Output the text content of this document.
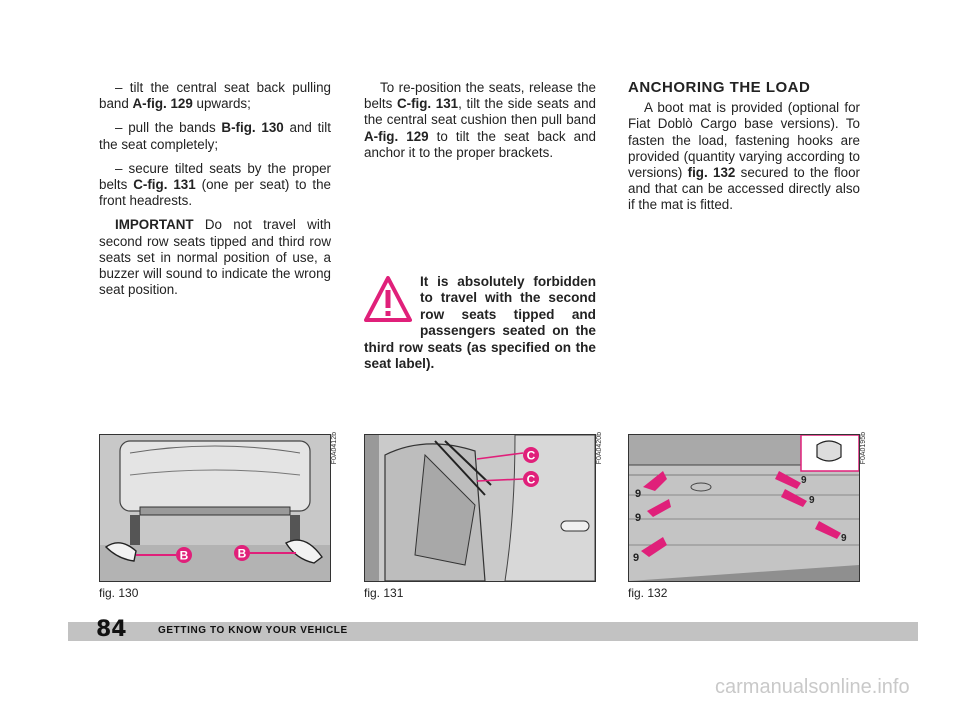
– tilt the central seat back pulling band A-fig. 129 upwards;

– pull the bands B-fig. 130 and tilt the seat completely;

– secure tilted seats by the proper belts C-fig. 131 (one per seat) to the front headrests.

IMPORTANT Do not travel with second row seats tipped and third row seats set in normal position of use, a buzzer will sound to indicate the wrong seat position.

To re-position the seats, release the belts C-fig. 131, tilt the side seats and the central seat cushion then pull band A-fig. 129 to tilt the seat back and anchor it to the proper brackets.

It is absolutely forbidden to travel with the second row seats tipped and passengers seated on the third row seats (as specified on the seat label).

ANCHORING THE LOAD

A boot mat is provided (optional for Fiat Doblò Cargo base versions). To fasten the load, fastening hooks are provided (quantity varying according to versions) fig. 132 secured to the floor and that can be accessed directly also if the mat is fitted.

B	B
F0A0412b
fig. 130
C
C
F0A0420b
fig. 131
9
9
9
9
9
9
F0A0195b
fig. 132
84	GETTING TO KNOW YOUR VEHICLE
carmanualsonline.info
